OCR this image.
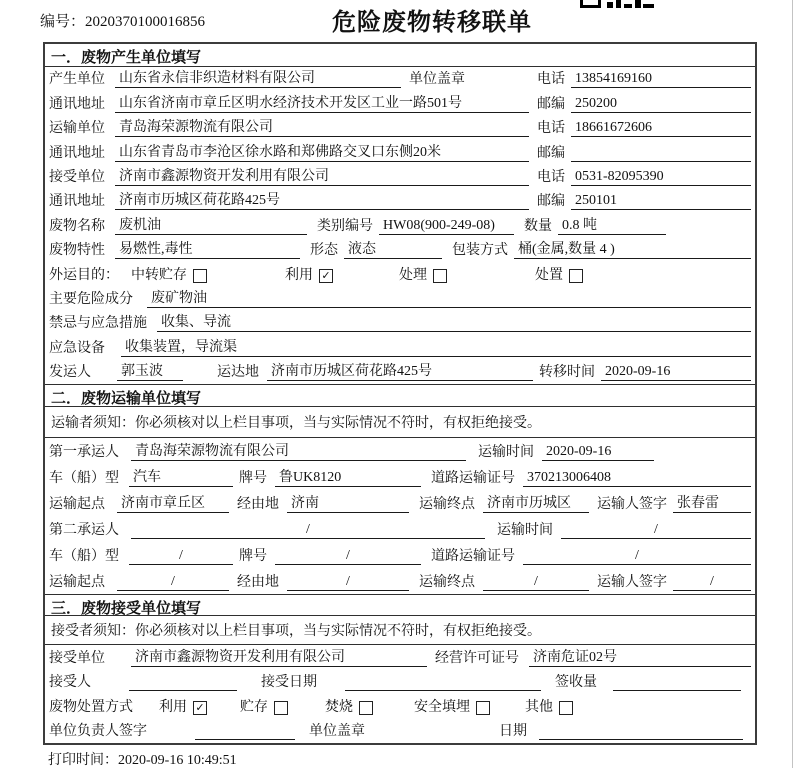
编号：2020370100016856	危险废物转移联单
一．废物产生单位填写
产生单位 山东省永信非织造材料有限公司	单位盖章	电话 13854169160
通讯地址 山东省济南市章丘区明水经济技术开发区工业一路501号	邮编 250200
运输单位 青岛海荣源物流有限公司	电话 18661672606
通讯地址 山东省青岛市李沧区徐水路和郑佛路交叉口东侧20米	邮编
接受单位 济南市鑫源物资开发利用有限公司	电话 0531-82095390
通讯地址 济南市历城区荷花路425号	邮编 250101
废物名称 废机油	类别编号 HW08(900-249-08)	数量 0.8 吨
废物特性 易燃性,毒性	形态 液态	包装方式 桶(金属,数量 4 )
外运目的： 中转贮存	利用 ✓	处理	处置
主要危险成分 废矿物油
禁忌与应急措施 收集、导流
应急设备 收集装置，导流渠
发运人 郭玉波	运达地 济南市历城区荷花路425号	转移时间 2020-09-16
二．废物运输单位填写
运输者须知：你必须核对以上栏目事项，当与实际情况不符时，有权拒绝接受。
第一承运人 青岛海荣源物流有限公司	运输时间 2020-09-16
车（船）型 汽车	牌号 鲁UK8120	道路运输证号 370213006408
运输起点 济南市章丘区	经由地 济南	运输终点 济南市历城区	运输人签字 张春雷
第二承运人	/	运输时间	/
车（船）型	/	牌号	/	道路运输证号	/
运输起点	/	经由地	/	运输终点	/	运输人签字	/
三．废物接受单位填写
接受者须知：你必须核对以上栏目事项，当与实际情况不符时，有权拒绝接受。
接受单位 济南市鑫源物资开发利用有限公司	经营许可证号 济南危证02号
接受人	接受日期	签收量
废物处置方式 利用 ✓	贮存	焚烧	安全填埋	其他
单位负责人签字	单位盖章	日期
打印时间：2020-09-16 10:49:51
